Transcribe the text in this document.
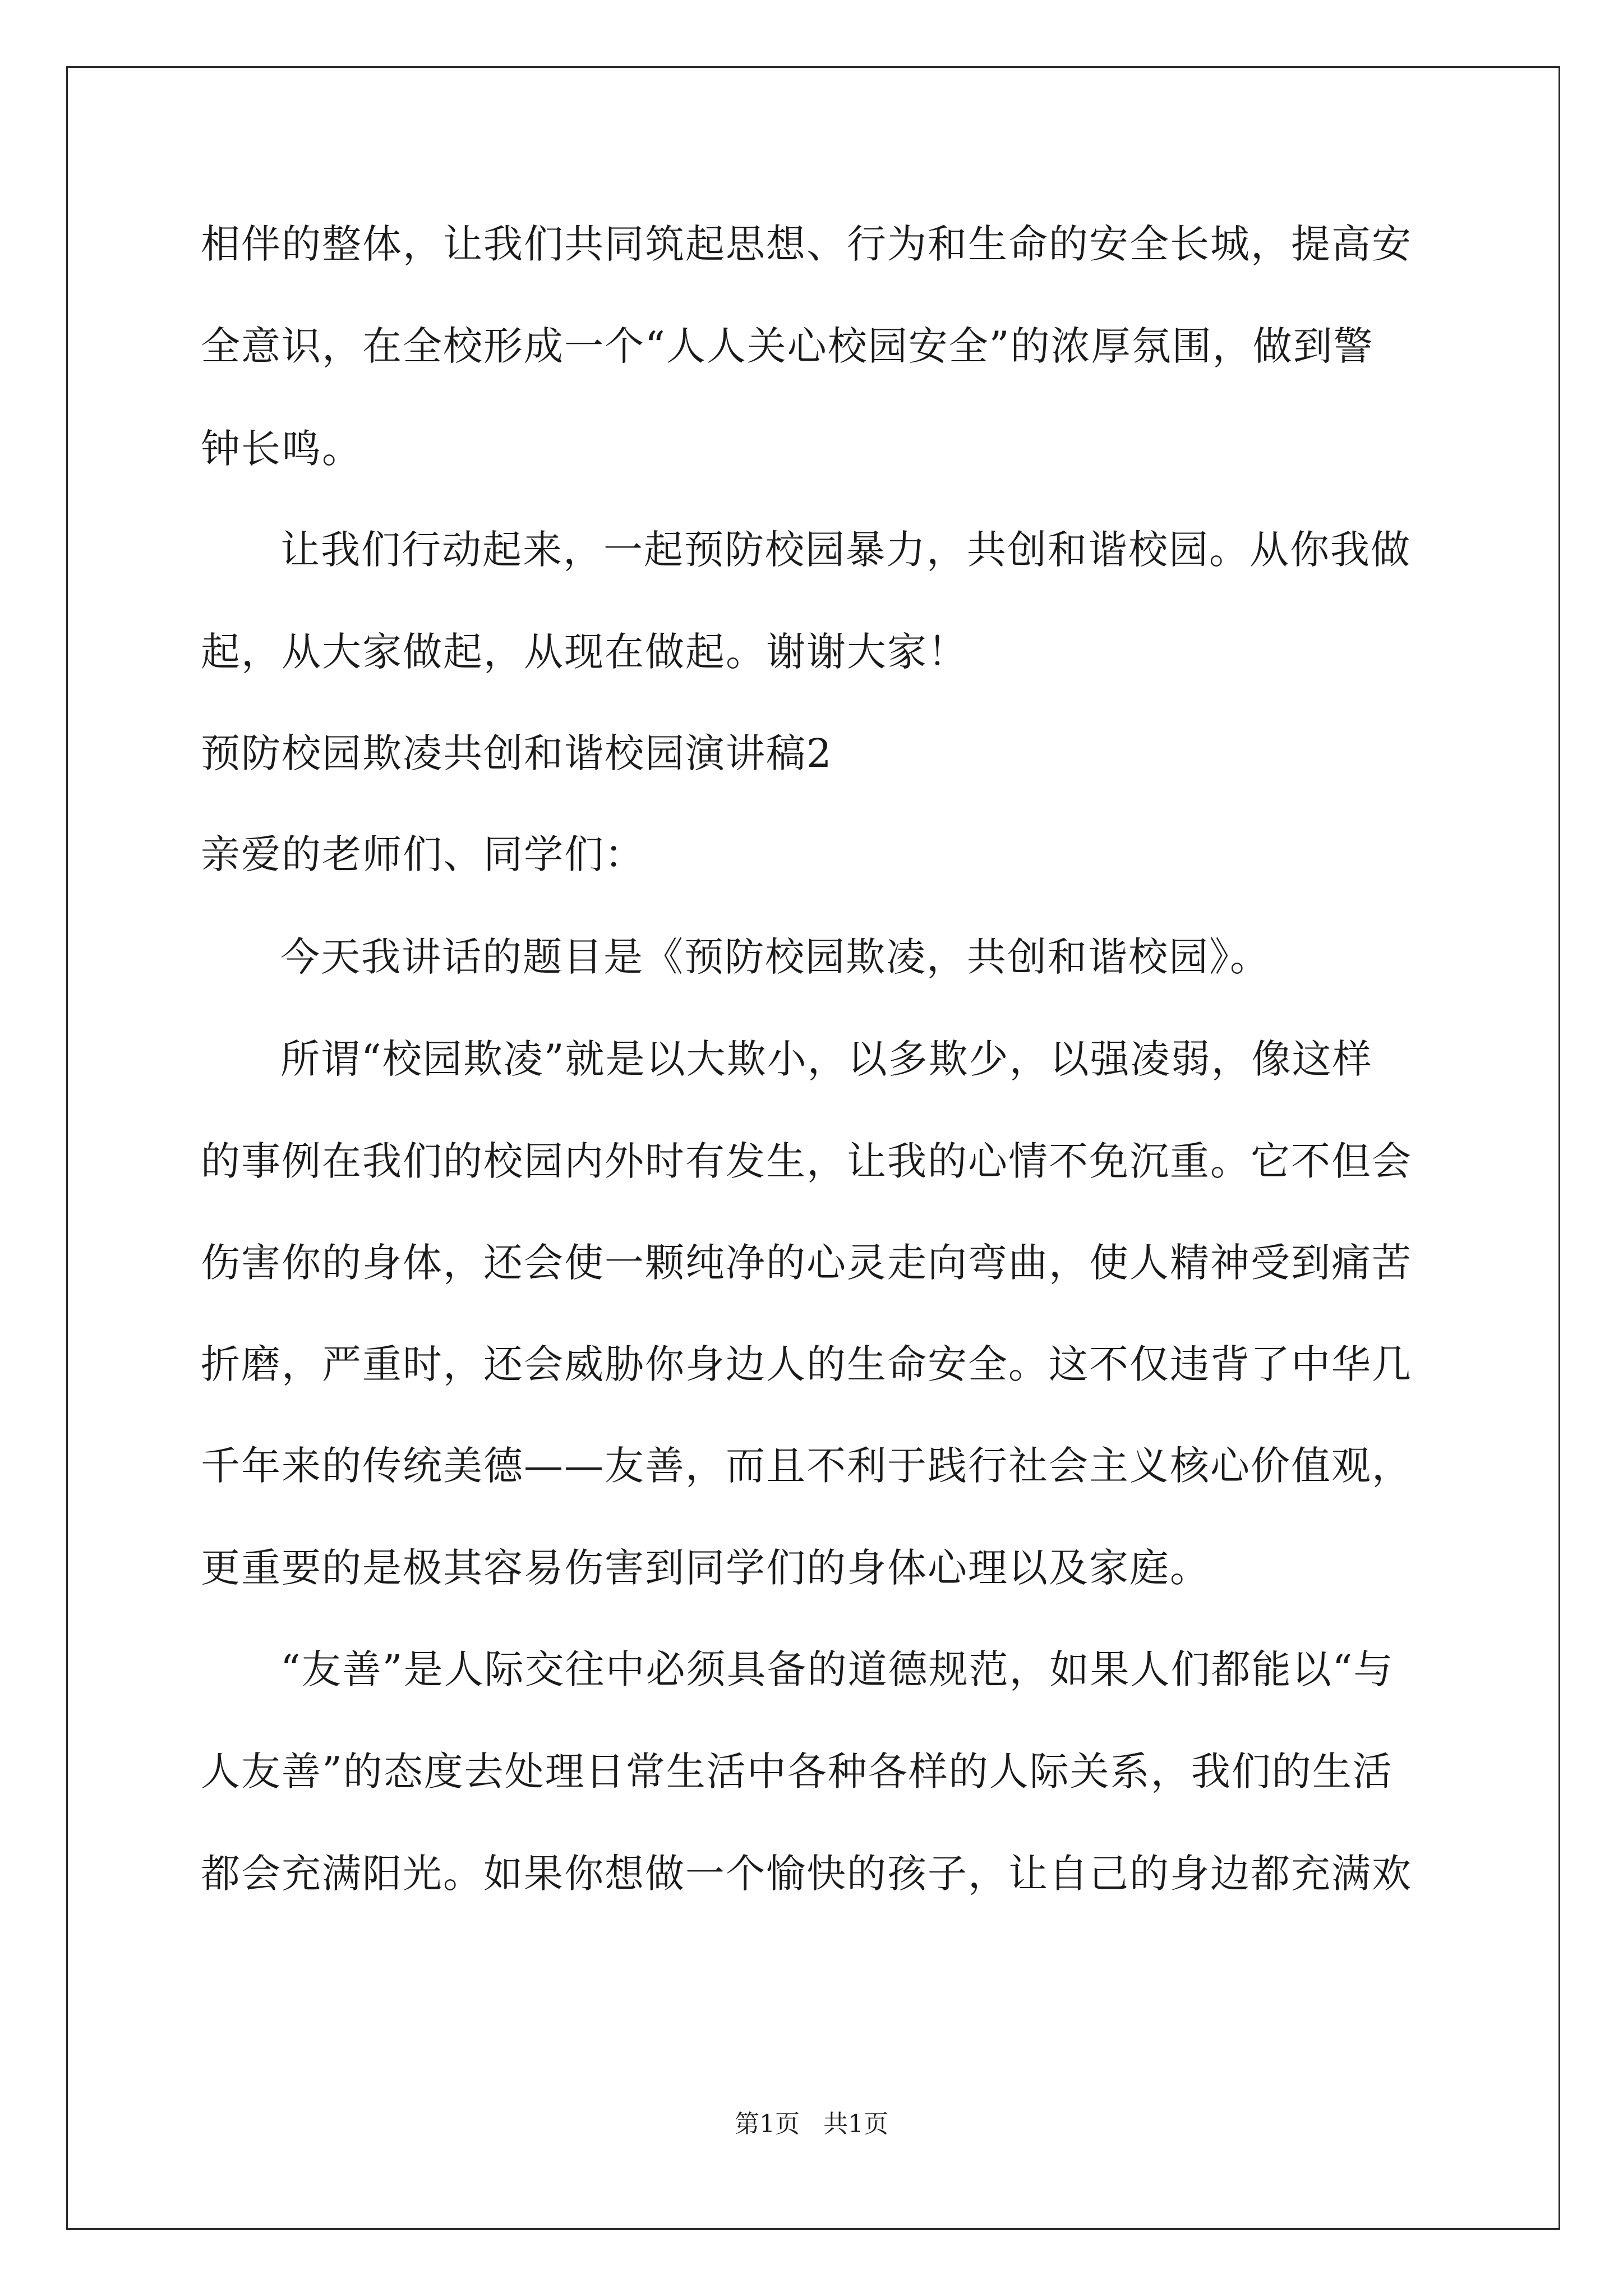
相伴的整体，让我们共同筑起思想、行为和生命的安全长城，提高安
全意识，在全校形成一个“人人关心校园安全”的浓厚氛围，做到警
钟长鸣。
让我们行动起来，一起预防校园暴力，共创和谐校园。从你我做
起，从大家做起，从现在做起。谢谢大家！
预防校园欺凌共创和谐校园演讲稿2
亲爱的老师们、同学们：
今天我讲话的题目是《预防校园欺凌，共创和谐校园》。
所谓“校园欺凌”就是以大欺小，以多欺少，以强凌弱，像这样
的事例在我们的校园内外时有发生，让我的心情不免沉重。它不但会
伤害你的身体，还会使一颗纯净的心灵走向弯曲，使人精神受到痛苦
折磨，严重时，还会威胁你身边人的生命安全。这不仅违背了中华几
千年来的传统美德——友善，而且不利于践行社会主义核心价值观，
更重要的是极其容易伤害到同学们的身体心理以及家庭。
“友善”是人际交往中必须具备的道德规范，如果人们都能以“与
人友善”的态度去处理日常生活中各种各样的人际关系，我们的生活
都会充满阳光。如果你想做一个愉快的孩子，让自己的身边都充满欢
第1页 共1页
